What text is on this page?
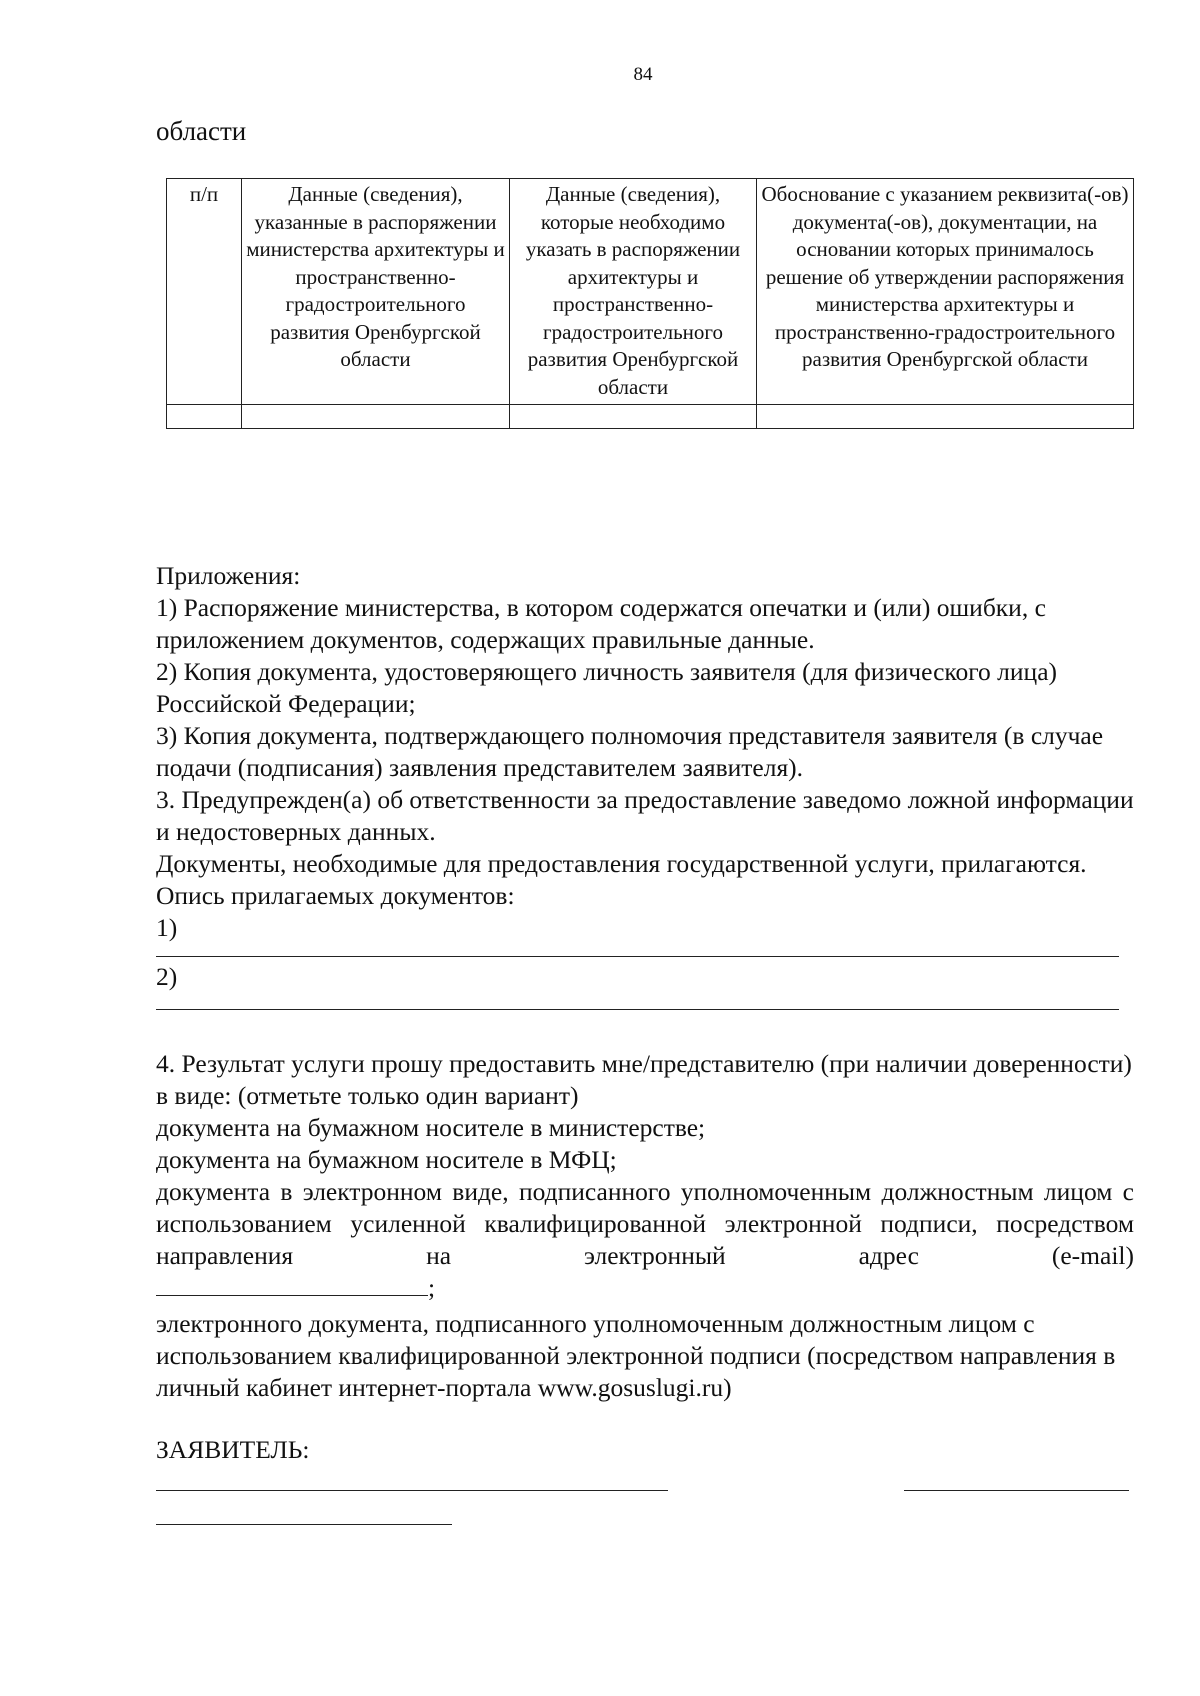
84
области
п/п	Данные (сведения), указанные в распоряжении министерства архитектуры и пространственно-градостроительного развития Оренбургской области	Данные (сведения), которые необходимо указать в распоряжении архитектуры и пространственно-градостроительного развития Оренбургской области	Обоснование с указанием реквизита(-ов) документа(-ов), документации, на основании которых принималось решение об утверждении распоряжения министерства архитектуры и пространственно-градостроительного развития Оренбургской области

Приложения:

1) Распоряжение министерства, в котором содержатся опечатки и (или) ошибки, с приложением документов, содержащих правильные данные.

2) Копия документа, удостоверяющего личность заявителя (для физического лица) Российской Федерации;

3) Копия документа, подтверждающего полномочия представителя заявителя (в случае подачи (подписания) заявления представителем заявителя).

3. Предупрежден(а) об ответственности за предоставление заведомо ложной информации и недостоверных данных.

Документы, необходимые для предоставления государственной услуги, прилагаются.

Опись прилагаемых документов:

1)

2)

4. Результат услуги прошу предоставить мне/представителю (при наличии доверенности) в виде: (отметьте только один вариант)

документа на бумажном носителе в министерстве;

документа на бумажном носителе в МФЦ;

документа в электронном виде, подписанного уполномоченным должностным лицом с использованием усиленной квалифицированной электронной подписи, посредством направления на электронный адрес (e-mail)

;

электронного документа, подписанного уполномоченным должностным лицом с использованием квалифицированной электронной подписи (посредством направления в личный кабинет интернет-портала www.gosuslugi.ru)

ЗАЯВИТЕЛЬ:
